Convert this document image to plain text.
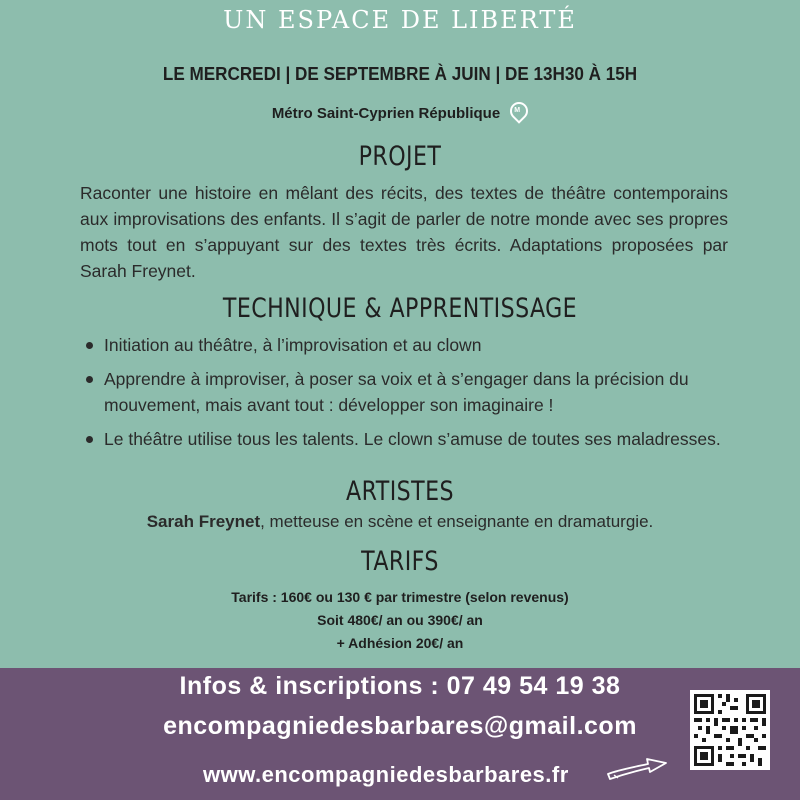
UN ESPACE DE LIBERTÉ
LE MERCREDI | DE SEPTEMBRE À JUIN | DE 13H30 À 15H
Métro Saint-Cyprien République M
PROJET
Raconter une histoire en mêlant des récits, des textes de théâtre contemporains aux improvisations des enfants. Il s’agit de parler de notre monde avec ses propres mots tout en s’appuyant sur des textes très écrits. Adaptations proposées par Sarah Freynet.
TECHNIQUE & APPRENTISSAGE
Initiation au théâtre, à l’improvisation et au clown
Apprendre à improviser, à poser sa voix et à s’engager dans la précision du mouvement, mais avant tout : développer son imaginaire !
Le théâtre utilise tous les talents. Le clown s’amuse de toutes ses maladresses.
ARTISTES
Sarah Freynet, metteuse en scène et enseignante en dramaturgie.
TARIFS
Tarifs : 160€ ou 130 € par trimestre (selon revenus)
Soit 480€/ an ou 390€/ an
+ Adhésion 20€/ an
Infos & inscriptions : 07 49 54 19 38
encompagniedesbarbares@gmail.com
www.encompagniedesbarbares.fr
